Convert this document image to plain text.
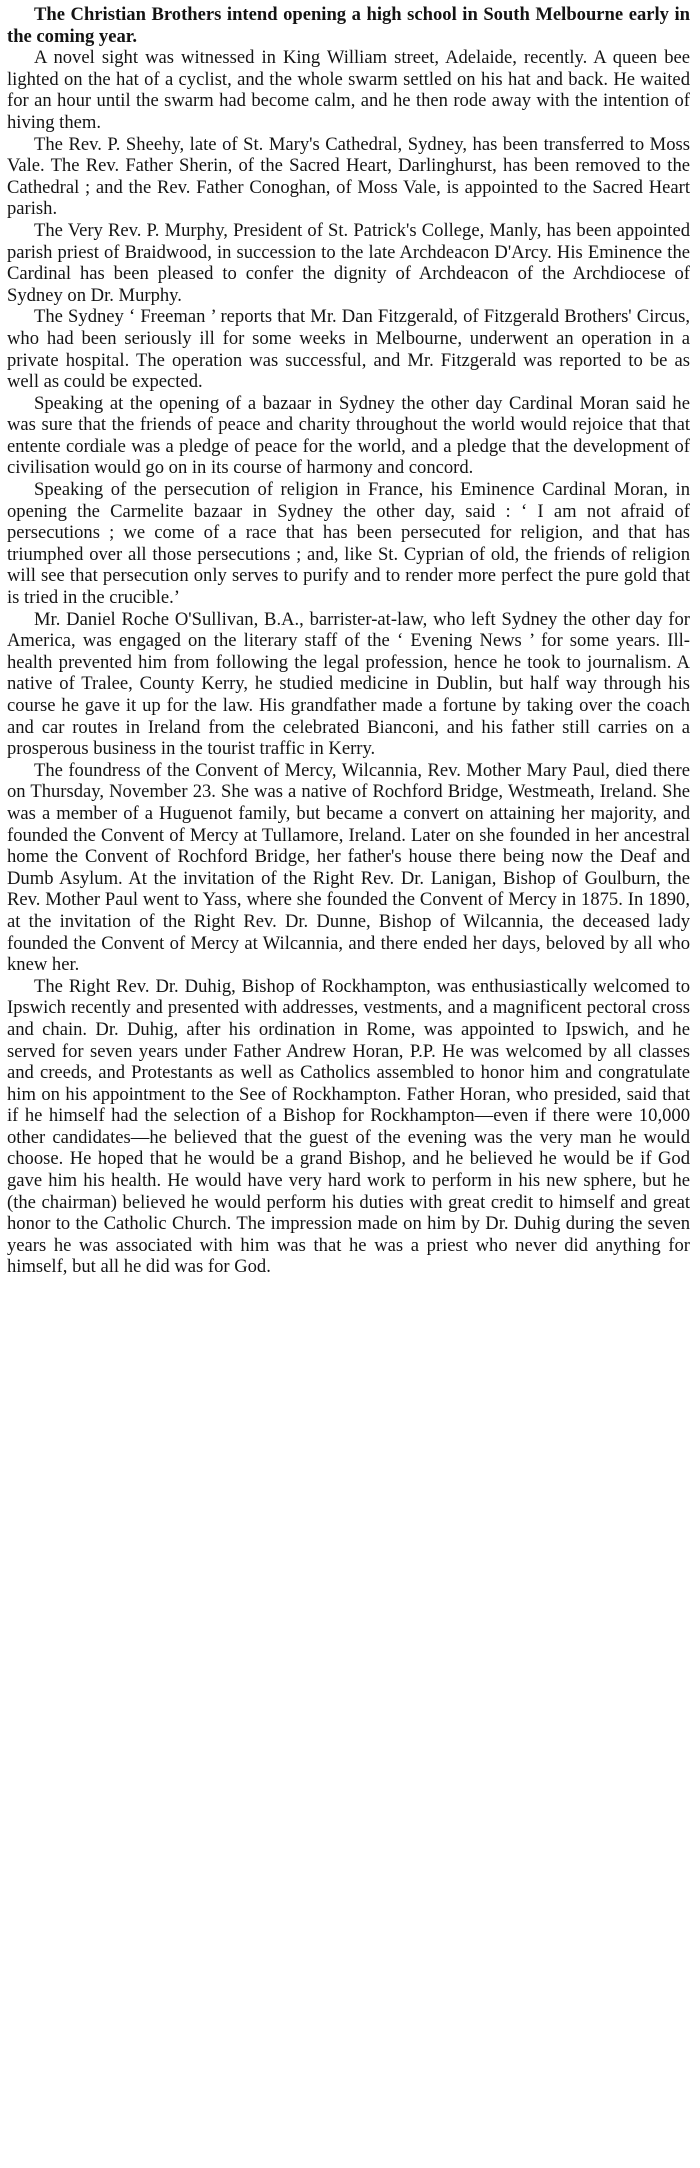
The Christian Brothers intend opening a high school in South Melbourne early in the coming year.

A novel sight was witnessed in King William street, Adelaide, recently. A queen bee lighted on the hat of a cyclist, and the whole swarm settled on his hat and back. He waited for an hour until the swarm had become calm, and he then rode away with the intention of hiving them.

The Rev. P. Sheehy, late of St. Mary's Cathedral, Sydney, has been transferred to Moss Vale. The Rev. Father Sherin, of the Sacred Heart, Darlinghurst, has been removed to the Cathedral ; and the Rev. Father Conoghan, of Moss Vale, is appointed to the Sacred Heart parish.

The Very Rev. P. Murphy, President of St. Patrick's College, Manly, has been appointed parish priest of Braidwood, in succession to the late Archdeacon D'Arcy. His Eminence the Cardinal has been pleased to confer the dignity of Archdeacon of the Archdiocese of Sydney on Dr. Murphy.

The Sydney ‘ Freeman ’ reports that Mr. Dan Fitzgerald, of Fitzgerald Brothers' Circus, who had been seriously ill for some weeks in Melbourne, underwent an operation in a private hospital. The operation was successful, and Mr. Fitzgerald was reported to be as well as could be expected.

Speaking at the opening of a bazaar in Sydney the other day Cardinal Moran said he was sure that the friends of peace and charity throughout the world would rejoice that that entente cordiale was a pledge of peace for the world, and a pledge that the development of civilisation would go on in its course of harmony and concord.

Speaking of the persecution of religion in France, his Eminence Cardinal Moran, in opening the Carmelite bazaar in Sydney the other day, said : ‘ I am not afraid of persecutions ; we come of a race that has been persecuted for religion, and that has triumphed over all those persecutions ; and, like St. Cyprian of old, the friends of religion will see that persecution only serves to purify and to render more perfect the pure gold that is tried in the crucible.’

Mr. Daniel Roche O'Sullivan, B.A., barrister-at-law, who left Sydney the other day for America, was engaged on the literary staff of the ‘ Evening News ’ for some years. Ill-health prevented him from following the legal profession, hence he took to journalism. A native of Tralee, County Kerry, he studied medicine in Dublin, but half way through his course he gave it up for the law. His grandfather made a fortune by taking over the coach and car routes in Ireland from the celebrated Bianconi, and his father still carries on a prosperous business in the tourist traffic in Kerry.

The foundress of the Convent of Mercy, Wilcannia, Rev. Mother Mary Paul, died there on Thursday, November 23. She was a native of Rochford Bridge, Westmeath, Ireland. She was a member of a Huguenot family, but became a convert on attaining her majority, and founded the Convent of Mercy at Tullamore, Ireland. Later on she founded in her ancestral home the Convent of Rochford Bridge, her father's house there being now the Deaf and Dumb Asylum. At the invitation of the Right Rev. Dr. Lanigan, Bishop of Goulburn, the Rev. Mother Paul went to Yass, where she founded the Convent of Mercy in 1875. In 1890, at the invitation of the Right Rev. Dr. Dunne, Bishop of Wilcannia, the deceased lady founded the Convent of Mercy at Wilcannia, and there ended her days, beloved by all who knew her.

The Right Rev. Dr. Duhig, Bishop of Rockhampton, was enthusiastically welcomed to Ipswich recently and presented with addresses, vestments, and a magnificent pectoral cross and chain. Dr. Duhig, after his ordination in Rome, was appointed to Ipswich, and he served for seven years under Father Andrew Horan, P.P. He was welcomed by all classes and creeds, and Protestants as well as Catholics assembled to honor him and congratulate him on his appointment to the See of Rockhampton. Father Horan, who presided, said that if he himself had the selection of a Bishop for Rockhampton—even if there were 10,000 other candidates—he believed that the guest of the evening was the very man he would choose. He hoped that he would be a grand Bishop, and he believed he would be if God gave him his health. He would have very hard work to perform in his new sphere, but he (the chairman) believed he would perform his duties with great credit to himself and great honor to the Catholic Church. The impression made on him by Dr. Duhig during the seven years he was associated with him was that he was a priest who never did anything for himself, but all he did was for God.
